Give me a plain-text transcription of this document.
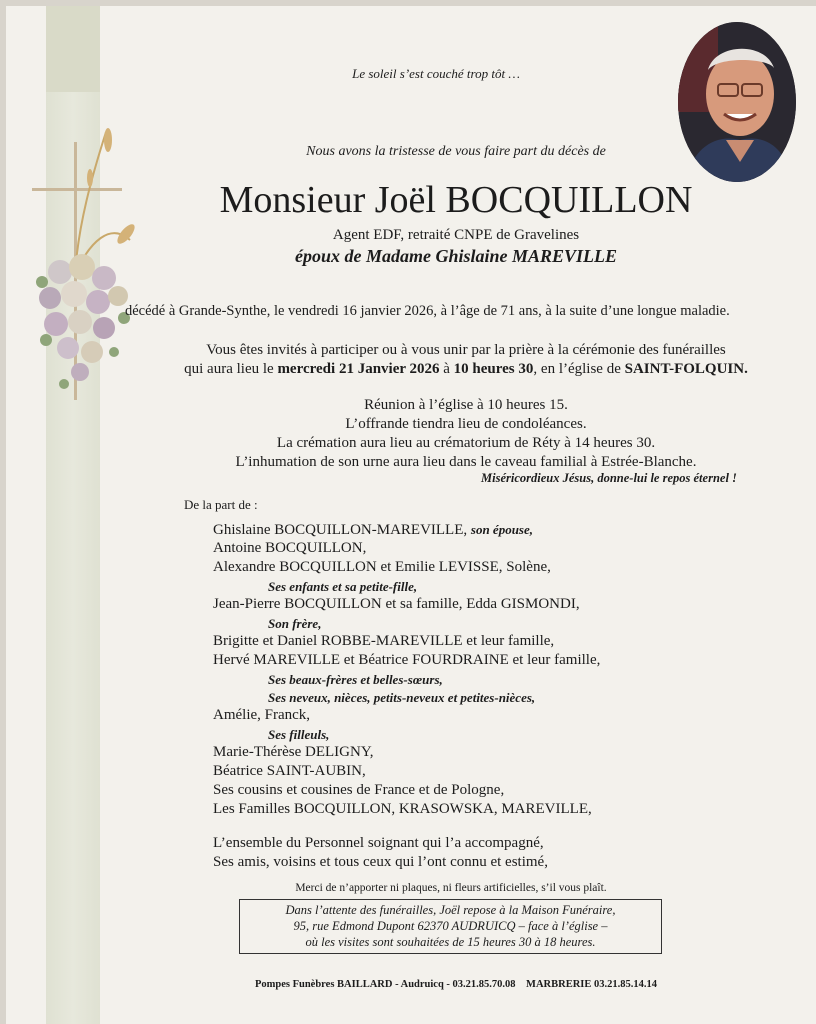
Le soleil s’est couché trop tôt …
Nous avons la tristesse de vous faire part du décès de
Monsieur Joël BOCQUILLON
Agent EDF, retraité CNPE de Gravelines
époux de Madame Ghislaine MAREVILLE
décédé à Grande-Synthe, le vendredi 16 janvier 2026, à l’âge de 71 ans, à la suite d’une longue maladie.
Vous êtes invités à participer ou à vous unir par la prière à la cérémonie des funérailles
qui aura lieu le mercredi 21 Janvier 2026 à 10 heures 30, en l’église de SAINT-FOLQUIN.
Réunion à l’église à 10 heures 15.
L’offrande tiendra lieu de condoléances.
La crémation aura lieu au crématorium de Réty à 14 heures 30.
L’inhumation de son urne aura lieu dans le caveau familial à Estrée-Blanche.
Miséricordieux Jésus, donne-lui le repos éternel !
De la part de :
Ghislaine BOCQUILLON-MAREVILLE, son épouse,
Antoine BOCQUILLON,
Alexandre BOCQUILLON et Emilie LEVISSE, Solène,
Ses enfants et sa petite-fille,
Jean-Pierre BOCQUILLON et sa famille, Edda GISMONDI,
Son frère,
Brigitte et Daniel ROBBE-MAREVILLE et leur famille,
Hervé MAREVILLE et Béatrice FOURDRAINE et leur famille,
Ses beaux-frères et belles-sœurs,
Ses neveux, nièces, petits-neveux et petites-nièces,
Amélie, Franck,
Ses filleuls,
Marie-Thérèse DELIGNY,
Béatrice SAINT-AUBIN,
Ses cousins et cousines de France et de Pologne,
Les Familles BOCQUILLON, KRASOWSKA, MAREVILLE,
L’ensemble du Personnel soignant qui l’a accompagné,
Ses amis, voisins et tous ceux qui l’ont connu et estimé,
Merci de n’apporter ni plaques, ni fleurs artificielles, s’il vous plaît.
Dans l’attente des funérailles, Joël repose à la Maison Funéraire,
95, rue Edmond Dupont 62370 AUDRUICQ – face à l’église –
où les visites sont souhaitées de 15 heures 30 à 18 heures.
Pompes Funèbres BAILLARD - Audruicq - 03.21.85.70.08    MARBRERIE 03.21.85.14.14
